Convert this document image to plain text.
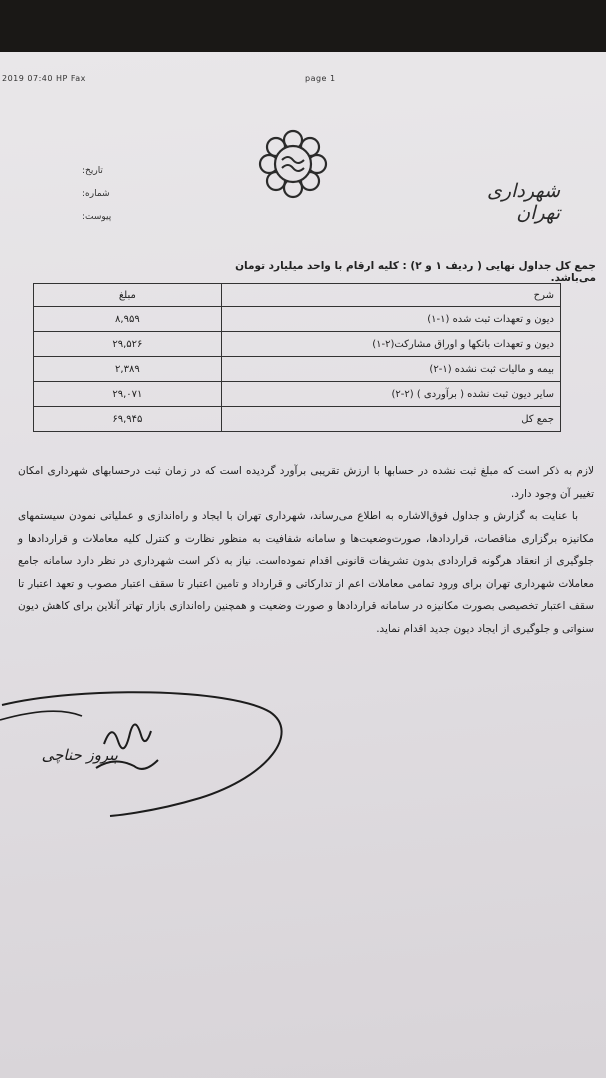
2019 07:40 HP Fax	page 1
تاریخ:
شماره:
پیوست:
شهرداری تهران
جمع کل جداول نهایی ( ردیف ۱ و ۲) : کلیه ارقام با واحد میلیارد تومان می‌باشد.
شرح	مبلغ
دیون و تعهدات ثبت شده (۱-۱)	۸,۹۵۹
دیون و تعهدات بانکها و اوراق مشارکت(۲-۱)	۲۹,۵۲۶
بیمه و مالیات ثبت نشده (۱-۲)	۲,۳۸۹
سایر دیون ثبت نشده ( برآوردی ) (۲-۲)	۲۹,۰۷۱
جمع کل	۶۹,۹۴۵

لازم به ذکر است که مبلغ ثبت نشده در حسابها با ارزش تقریبی برآورد گردیده است که در زمان ثبت درحسابهای شهرداری امکان تغییر آن وجود دارد.

با عنایت به گزارش و جداول فوق‌الاشاره به اطلاع می‌رساند، شهرداری تهران با ایجاد و راه‌اندازی و عملیاتی نمودن سیستمهای مکانیزه برگزاری مناقصات، قراردادها، صورت‌وضعیت‌ها و سامانه شفافیت به منظور نظارت و کنترل کلیه معاملات و قراردادها و جلوگیری از انعقاد هرگونه قراردادی بدون تشریفات قانونی اقدام نموده‌است. نیاز به ذکر است شهرداری در نظر دارد سامانه جامع معاملات شهرداری تهران برای ورود تمامی معاملات اعم از تدارکاتی و قرارداد و تامین اعتبار تا سقف اعتبار مصوب و تعهد اعتبار تا سقف اعتبار تخصیصی بصورت مکانیزه در سامانه قراردادها و صورت وضعیت و همچنین راه‌اندازی بازار تهاتر آنلاین برای کاهش دیون سنواتی و جلوگیری از ایجاد دیون جدید اقدام نماید.

پیروز حناچی
